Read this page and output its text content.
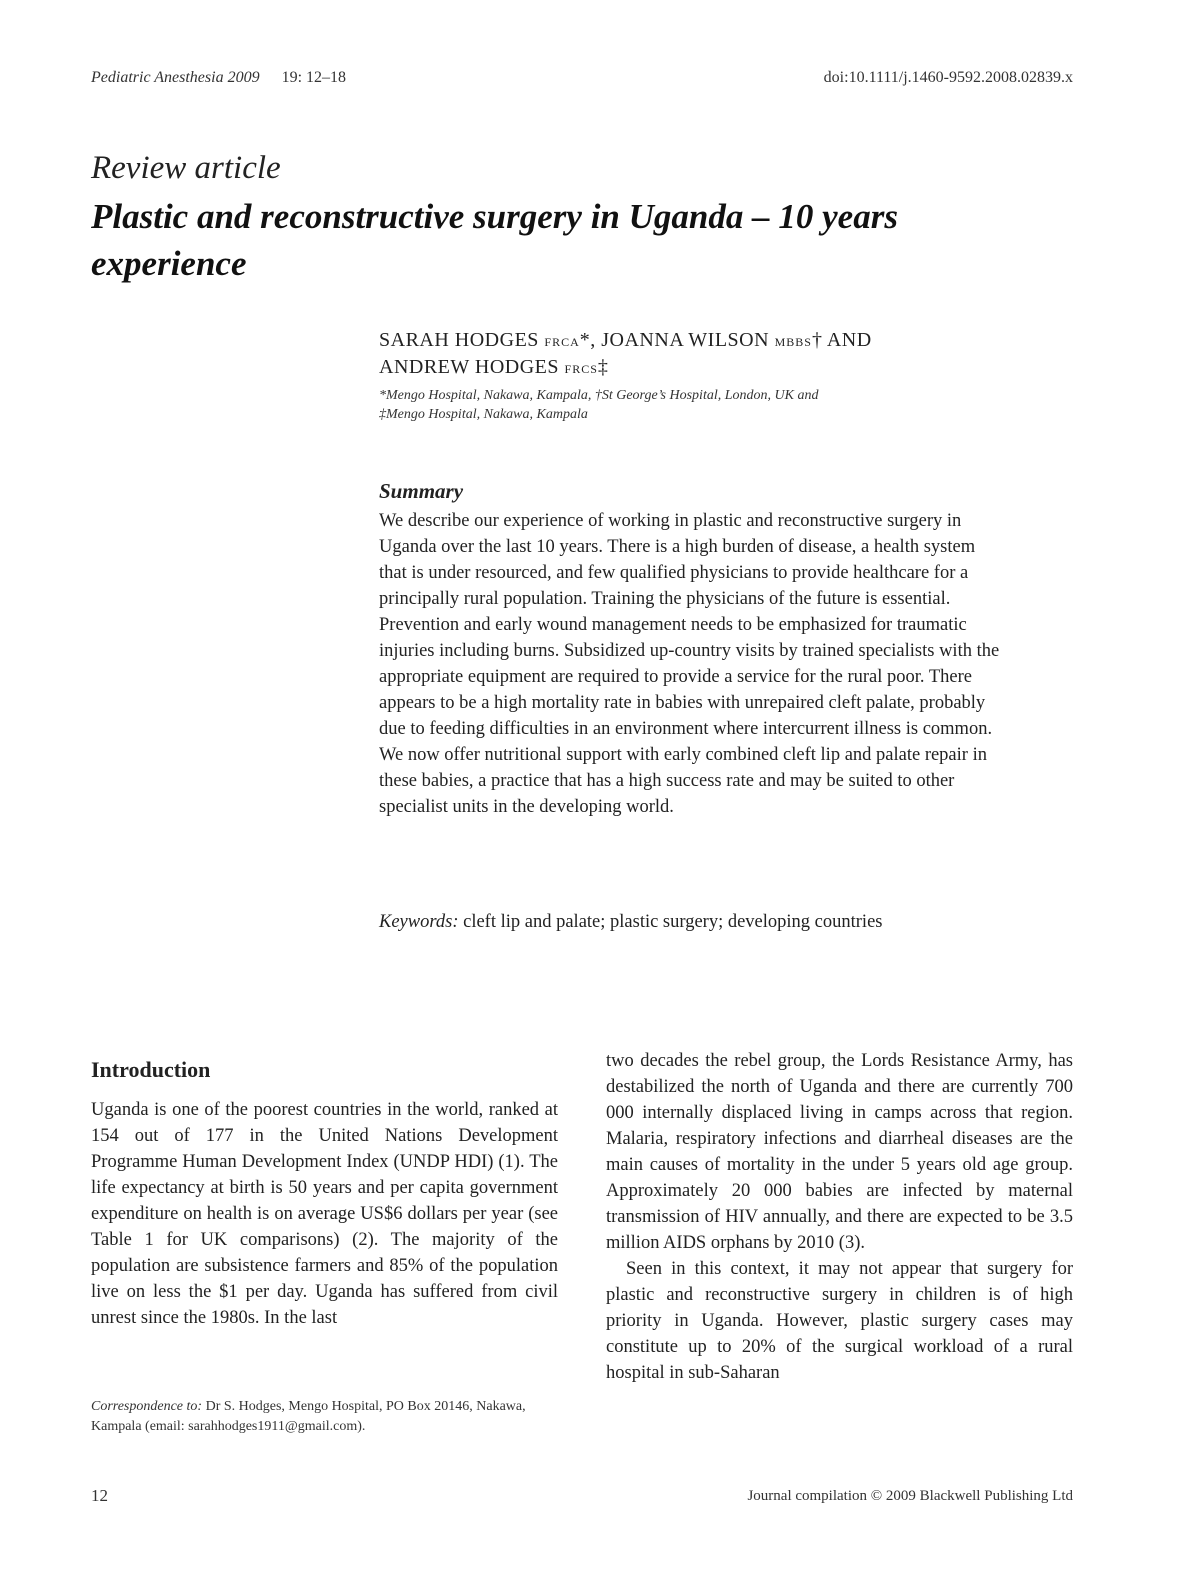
Pediatric Anesthesia 2009 19: 12–18	doi:10.1111/j.1460-9592.2008.02839.x
Review article
Plastic and reconstructive surgery in Uganda – 10 years experience
SARAH HODGES FRCA*, JOANNA WILSON MBBS† AND
ANDREW HODGES FRCS‡
*Mengo Hospital, Nakawa, Kampala, †St George’s Hospital, London, UK and
‡Mengo Hospital, Nakawa, Kampala
Summary
We describe our experience of working in plastic and reconstructive surgery in Uganda over the last 10 years. There is a high burden of disease, a health system that is under resourced, and few qualified physicians to provide healthcare for a principally rural population. Training the physicians of the future is essential. Prevention and early wound management needs to be emphasized for traumatic injuries including burns. Subsidized up-country visits by trained specialists with the appropriate equipment are required to provide a service for the rural poor. There appears to be a high mortality rate in babies with unrepaired cleft palate, probably due to feeding difficulties in an environment where intercurrent illness is common. We now offer nutritional support with early combined cleft lip and palate repair in these babies, a practice that has a high success rate and may be suited to other specialist units in the developing world.
Keywords: cleft lip and palate; plastic surgery; developing countries
Introduction

Uganda is one of the poorest countries in the world, ranked at 154 out of 177 in the United Nations Development Programme Human Development Index (UNDP HDI) (1). The life expectancy at birth is 50 years and per capita government expenditure on health is on average US$6 dollars per year (see Table 1 for UK comparisons) (2). The majority of the population are subsistence farmers and 85% of the population live on less the $1 per day. Uganda has suffered from civil unrest since the 1980s. In the last

two decades the rebel group, the Lords Resistance Army, has destabilized the north of Uganda and there are currently 700 000 internally displaced living in camps across that region. Malaria, respiratory infections and diarrheal diseases are the main causes of mortality in the under 5 years old age group. Approximately 20 000 babies are infected by maternal transmission of HIV annually, and there are expected to be 3.5 million AIDS orphans by 2010 (3).

Seen in this context, it may not appear that surgery for plastic and reconstructive surgery in children is of high priority in Uganda. However, plastic surgery cases may constitute up to 20% of the surgical workload of a rural hospital in sub-Saharan

Correspondence to: Dr S. Hodges, Mengo Hospital, PO Box 20146, Nakawa, Kampala (email: sarahhodges1911@gmail.com).
12	Journal compilation © 2009 Blackwell Publishing Ltd
